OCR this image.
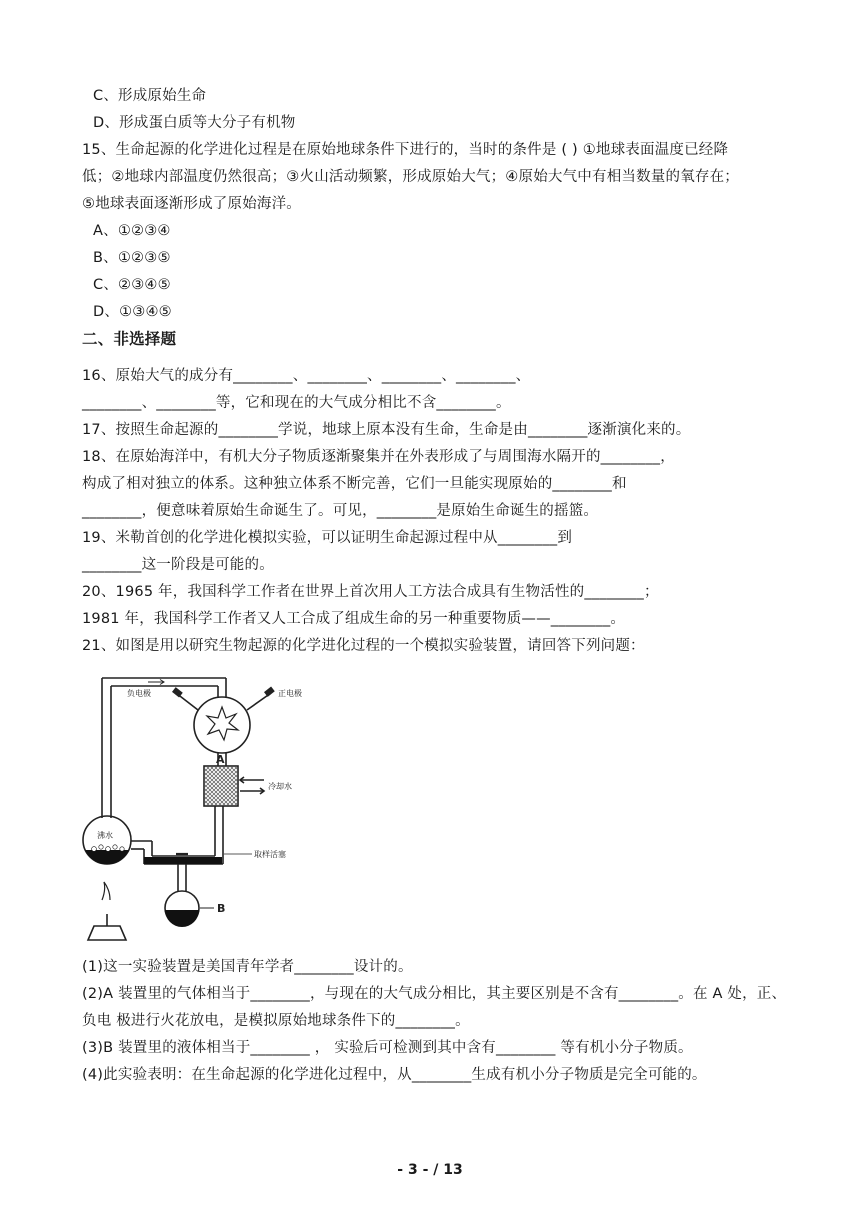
C、形成原始生命
D、形成蛋白质等大分子有机物
15、生命起源的化学进化过程是在原始地球条件下进行的，当时的条件是 ( ) ①地球表面温度已经降
低；②地球内部温度仍然很高；③火山活动频繁，形成原始大气；④原始大气中有相当数量的氧存在；
⑤地球表面逐渐形成了原始海洋。
A、①②③④
B、①②③⑤
C、②③④⑤
D、①③④⑤
二、非选择题
16、原始大气的成分有________、________、________、________、
________、________等，它和现在的大气成分相比不含________。
17、按照生命起源的________学说，地球上原本没有生命，生命是由________逐渐演化来的。
18、在原始海洋中，有机大分子物质逐渐聚集并在外表形成了与周围海水隔开的________，
构成了相对独立的体系。这种独立体系不断完善，它们一旦能实现原始的________和
________，便意味着原始生命诞生了。可见，________是原始生命诞生的摇篮。
19、米勒首创的化学进化模拟实验，可以证明生命起源过程中从________到
________这一阶段是可能的。
20、1965 年，我国科学工作者在世界上首次用人工方法合成具有生物活性的________；
1981 年，我国科学工作者又人工合成了组成生命的另一种重要物质——________。
21、如图是用以研究生物起源的化学进化过程的一个模拟实验装置，请回答下列问题：
负电极	正电极
A
冷却水
沸水
取样活塞
B
(1)这一实验装置是美国青年学者________设计的。
(2)A 装置里的气体相当于________，与现在的大气成分相比，其主要区别是不含有________。在 A 处，正、
负电 极进行火花放电，是模拟原始地球条件下的________。
(3)B 装置里的液体相当于________ ， 实验后可检测到其中含有________ 等有机小分子物质。
(4)此实验表明：在生命起源的化学进化过程中，从________生成有机小分子物质是完全可能的。
- 3 - / 13
